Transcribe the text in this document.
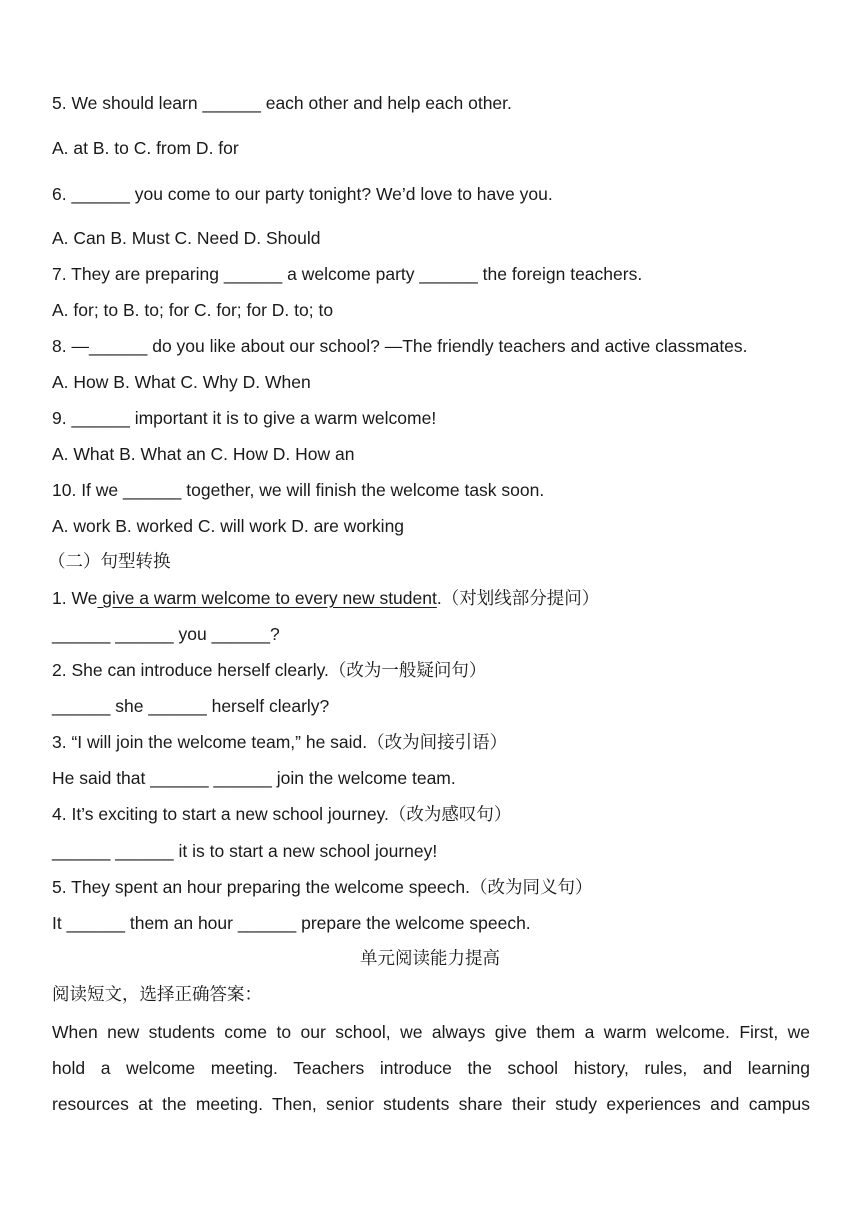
5. We should learn ______ each other and help each other.
A. at B. to C. from D. for
6. ______ you come to our party tonight? We’d love to have you.
A. Can B. Must C. Need D. Should
7. They are preparing ______ a welcome party ______ the foreign teachers.
A. for; to B. to; for C. for; for D. to; to
8. —______ do you like about our school? —The friendly teachers and active classmates.
A. How B. What C. Why D. When
9. ______ important it is to give a warm welcome!
A. What B. What an C. How D. How an
10. If we ______ together, we will finish the welcome task soon.
A. work B. worked C. will work D. are working
（二）句型转换
1. We give a warm welcome to every new student.（对划线部分提问）
______ ______ you ______?
2. She can introduce herself clearly.（改为一般疑问句）
______ she ______ herself clearly?
3. “I will join the welcome team,” he said.（改为间接引语）
He said that ______ ______ join the welcome team.
4. It’s exciting to start a new school journey.（改为感叹句）
______ ______ it is to start a new school journey!
5. They spent an hour preparing the welcome speech.（改为同义句）
It ______ them an hour ______ prepare the welcome speech.
单元阅读能力提高
阅读短文，选择正确答案：
When new students come to our school, we always give them a warm welcome. First, we
hold a welcome meeting. Teachers introduce the school history, rules, and learning
resources at the meeting. Then, senior students share their study experiences and campus
